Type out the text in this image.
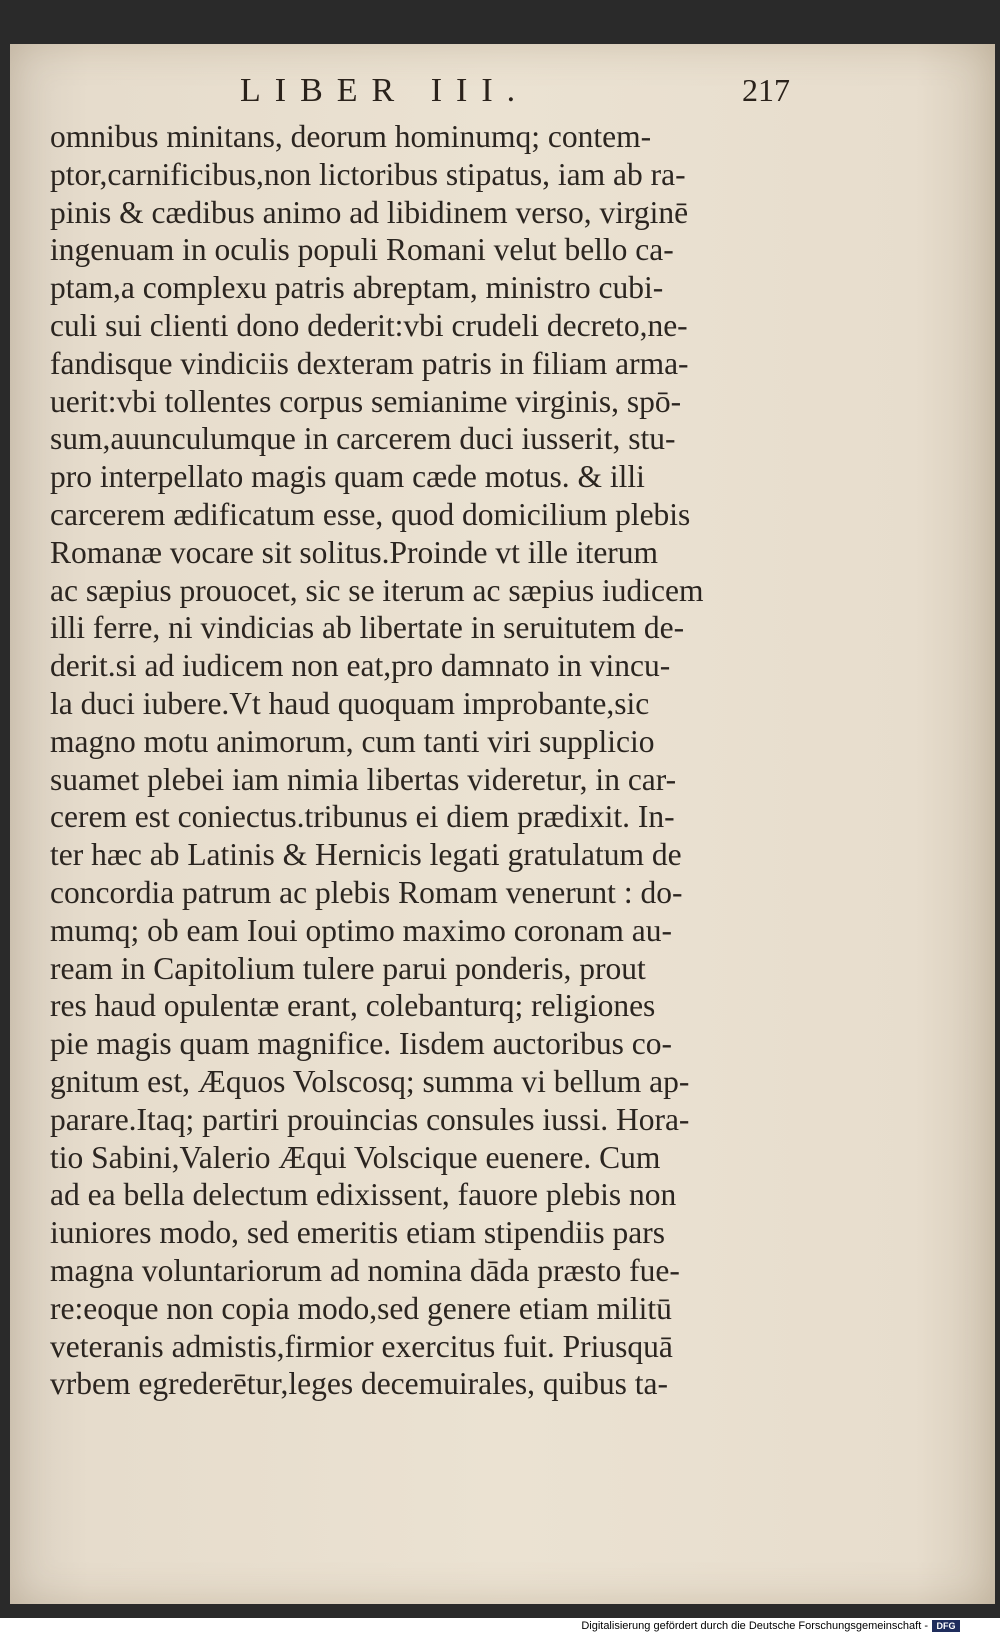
LIBER III.	217
omnibus minitans, deorum hominumq; contem-
ptor,carnificibus,non lictoribus stipatus, iam ab ra-
pinis & cædibus animo ad libidinem verso, virginē
ingenuam in oculis populi Romani velut bello ca-
ptam,a complexu patris abreptam, ministro cubi-
culi sui clienti dono dederit:vbi crudeli decreto,ne-
fandisque vindiciis dexteram patris in filiam arma-
uerit:vbi tollentes corpus semianime virginis, spō-
sum,auunculumque in carcerem duci iusserit, stu-
pro interpellato magis quam cæde motus. & illi
carcerem ædificatum esse, quod domicilium plebis
Romanæ vocare sit solitus.Proinde vt ille iterum
ac sæpius prouocet, sic se iterum ac sæpius iudicem
illi ferre, ni vindicias ab libertate in seruitutem de-
derit.si ad iudicem non eat,pro damnato in vincu-
la duci iubere.Vt haud quoquam improbante,sic
magno motu animorum, cum tanti viri supplicio
suamet plebei iam nimia libertas videretur, in car-
cerem est coniectus.tribunus ei diem prædixit. In-
ter hæc ab Latinis & Hernicis legati gratulatum de
concordia patrum ac plebis Romam venerunt : do-
mumq; ob eam Ioui optimo maximo coronam au-
ream in Capitolium tulere parui ponderis, prout
res haud opulentæ erant, colebanturq; religiones
pie magis quam magnifice. Iisdem auctoribus co-
gnitum est, Æquos Volscosq; summa vi bellum ap-
parare.Itaq; partiri prouincias consules iussi. Hora-
tio Sabini,Valerio Æqui Volscique euenere. Cum
ad ea bella delectum edixissent, fauore plebis non
iuniores modo, sed emeritis etiam stipendiis pars
magna voluntariorum ad nomina dāda præsto fue-
re:eoque non copia modo,sed genere etiam militū
veteranis admistis,firmior exercitus fuit. Priusquā
vrbem egrederētur,leges decemuirales, quibus ta-
Digitalisierung gefördert durch die Deutsche Forschungsgemeinschaft - DFG
